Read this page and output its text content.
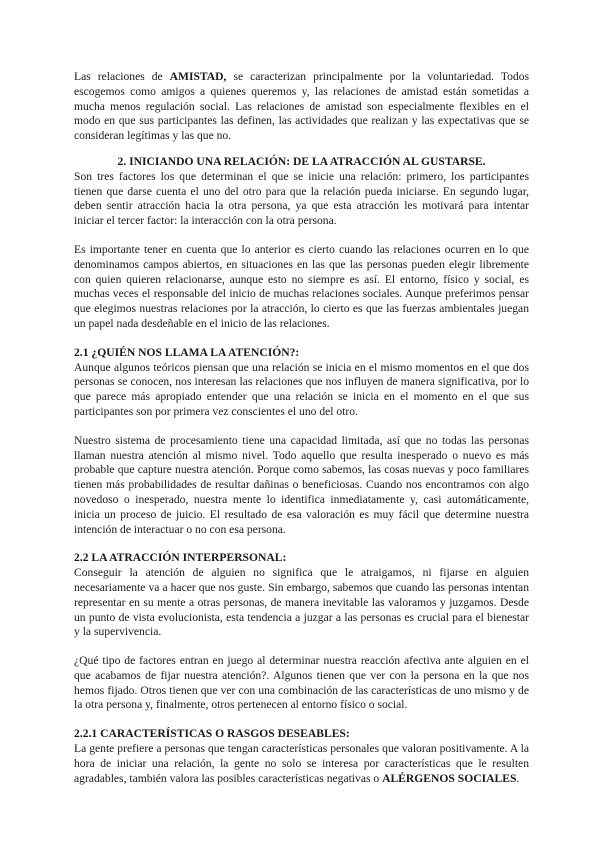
Las relaciones de AMISTAD, se caracterizan principalmente por la voluntariedad. Todos escogemos como amigos a quienes queremos y, las relaciones de amistad están sometidas a mucha menos regulación social. Las relaciones de amistad son especialmente flexibles en el modo en que sus participantes las definen, las actividades que realizan y las expectativas que se consideran legítimas y las que no.

2. INICIANDO UNA RELACIÓN: DE LA ATRACCIÓN AL GUSTARSE.

Son tres factores los que determinan el que se inicie una relación: primero, los participantes tienen que darse cuenta el uno del otro para que la relación pueda iniciarse. En segundo lugar, deben sentir atracción hacia la otra persona, ya que esta atracción les motivará para intentar iniciar el tercer factor: la interacción con la otra persona.

Es importante tener en cuenta que lo anterior es cierto cuando las relaciones ocurren en lo que denominamos campos abiertos, en situaciones en las que las personas pueden elegir libremente con quien quieren relacionarse, aunque esto no siempre es así. El entorno, físico y social, es muchas veces el responsable del inicio de muchas relaciones sociales. Aunque preferimos pensar que elegimos nuestras relaciones por la atracción, lo cierto es que las fuerzas ambientales juegan un papel nada desdeñable en el inicio de las relaciones.

2.1 ¿QUIÉN NOS LLAMA LA ATENCIÓN?:

Aunque algunos teóricos piensan que una relación se inicia en el mismo momentos en el que dos personas se conocen, nos interesan las relaciones que nos influyen de manera significativa, por lo que parece más apropiado entender que una relación se inicia en el momento en el que sus participantes son por primera vez conscientes el uno del otro.

Nuestro sistema de procesamiento tiene una capacidad limitada, así que no todas las personas llaman nuestra atención al mismo nivel. Todo aquello que resulta inesperado o nuevo es más probable que capture nuestra atención. Porque como sabemos, las cosas nuevas y poco familiares tienen más probabilidades de resultar dañinas o beneficiosas. Cuando nos encontramos con algo novedoso o inesperado, nuestra mente lo identifica inmediatamente y, casi automáticamente, inicia un proceso de juicio. El resultado de esa valoración es muy fácil que determine nuestra intención de interactuar o no con esa persona.

2.2 LA ATRACCIÓN INTERPERSONAL:

Conseguir la atención de alguien no significa que le atraigamos, ni fijarse en alguien necesariamente va a hacer que nos guste. Sin embargo, sabemos que cuando las personas intentan representar en su mente a otras personas, de manera inevitable las valoramos y juzgamos. Desde un punto de vista evolucionista, esta tendencia a juzgar a las personas es crucial para el bienestar y la supervivencia.

¿Qué tipo de factores entran en juego al determinar nuestra reacción afectiva ante alguien en el que acabamos de fijar nuestra atención?. Algunos tienen que ver con la persona en la que nos hemos fijado. Otros tienen que ver con una combinación de las características de uno mismo y de la otra persona y, finalmente, otros pertenecen al entorno físico o social.

2.2.1 CARACTERÍSTICAS O RASGOS DESEABLES:

La gente prefiere a personas que tengan características personales que valoran positivamente. A la hora de iniciar una relación, la gente no solo se interesa por características que le resulten agradables, también valora las posibles características negativas o ALÉRGENOS SOCIALES.
